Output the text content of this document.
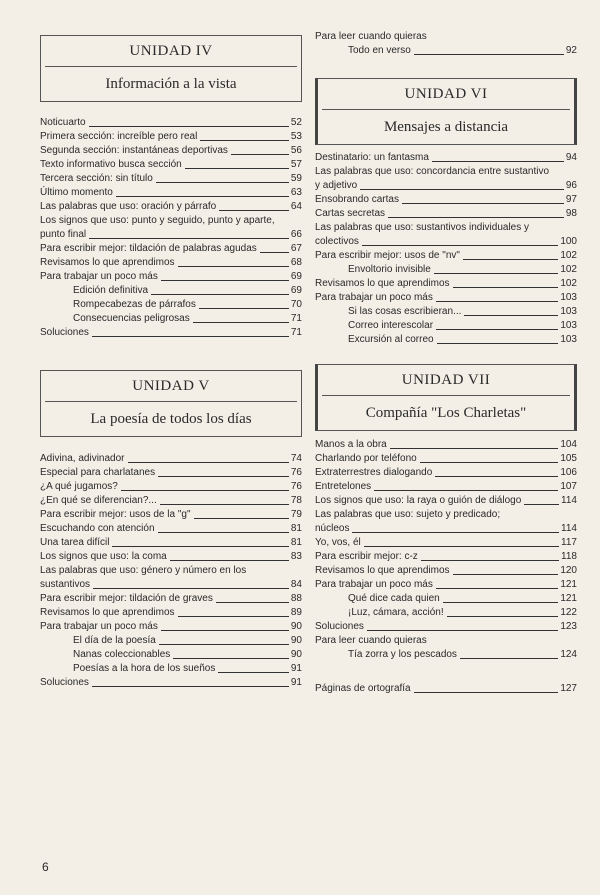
UNIDAD IV
Información a la vista
Noticuarto	52
Primera sección: increíble pero real	53
Segunda sección: instantáneas deportivas	56
Texto informativo busca sección	57
Tercera sección: sin título	59
Último momento	63
Las palabras que uso: oración y párrafo	64
Los signos que uso: punto y seguido, punto y aparte,
punto final	66
Para escribir mejor: tildación de palabras agudas	67
Revisamos lo que aprendimos	68
Para trabajar un poco más	69
Edición definitiva	69
Rompecabezas de párrafos	70
Consecuencias peligrosas	71
Soluciones	71
UNIDAD V
La poesía de todos los días
Adivina, adivinador	74
Especial para charlatanes	76
¿A qué jugamos?	76
¿En qué se diferencian?...	78
Para escribir mejor: usos de la "g"	79
Escuchando con atención	81
Una tarea difícil	81
Los signos que uso: la coma	83
Las palabras que uso: género y número en los
sustantivos	84
Para escribir mejor: tildación de graves	88
Revisamos lo que aprendimos	89
Para trabajar un poco más	90
El día de la poesía	90
Nanas coleccionables	90
Poesías a la hora de los sueños	91
Soluciones	91
Para leer cuando quieras
Todo en verso	92
UNIDAD VI
Mensajes a distancia
Destinatario: un fantasma	94
Las palabras que uso: concordancia entre sustantivo
y adjetivo	96
Ensobrando cartas	97
Cartas secretas	98
Las palabras que uso: sustantivos individuales y
colectivos	100
Para escribir mejor: usos de "nv"	102
Envoltorio invisible	102
Revisamos lo que aprendimos	102
Para trabajar un poco más	103
Si las cosas escribieran...	103
Correo interescolar	103
Excursión al correo	103
UNIDAD VII
Compañía "Los Charletas"
Manos a la obra	104
Charlando por teléfono	105
Extraterrestres dialogando	106
Entretelones	107
Los signos que uso: la raya o guión de diálogo	114
Las palabras que uso: sujeto y predicado;
núcleos	114
Yo, vos, él	117
Para escribir mejor: c-z	118
Revisamos lo que aprendimos	120
Para trabajar un poco más	121
Qué dice cada quien	121
¡Luz, cámara, acción!	122
Soluciones	123
Para leer cuando quieras
Tía zorra y los pescados	124
Páginas de ortografía	127
6
